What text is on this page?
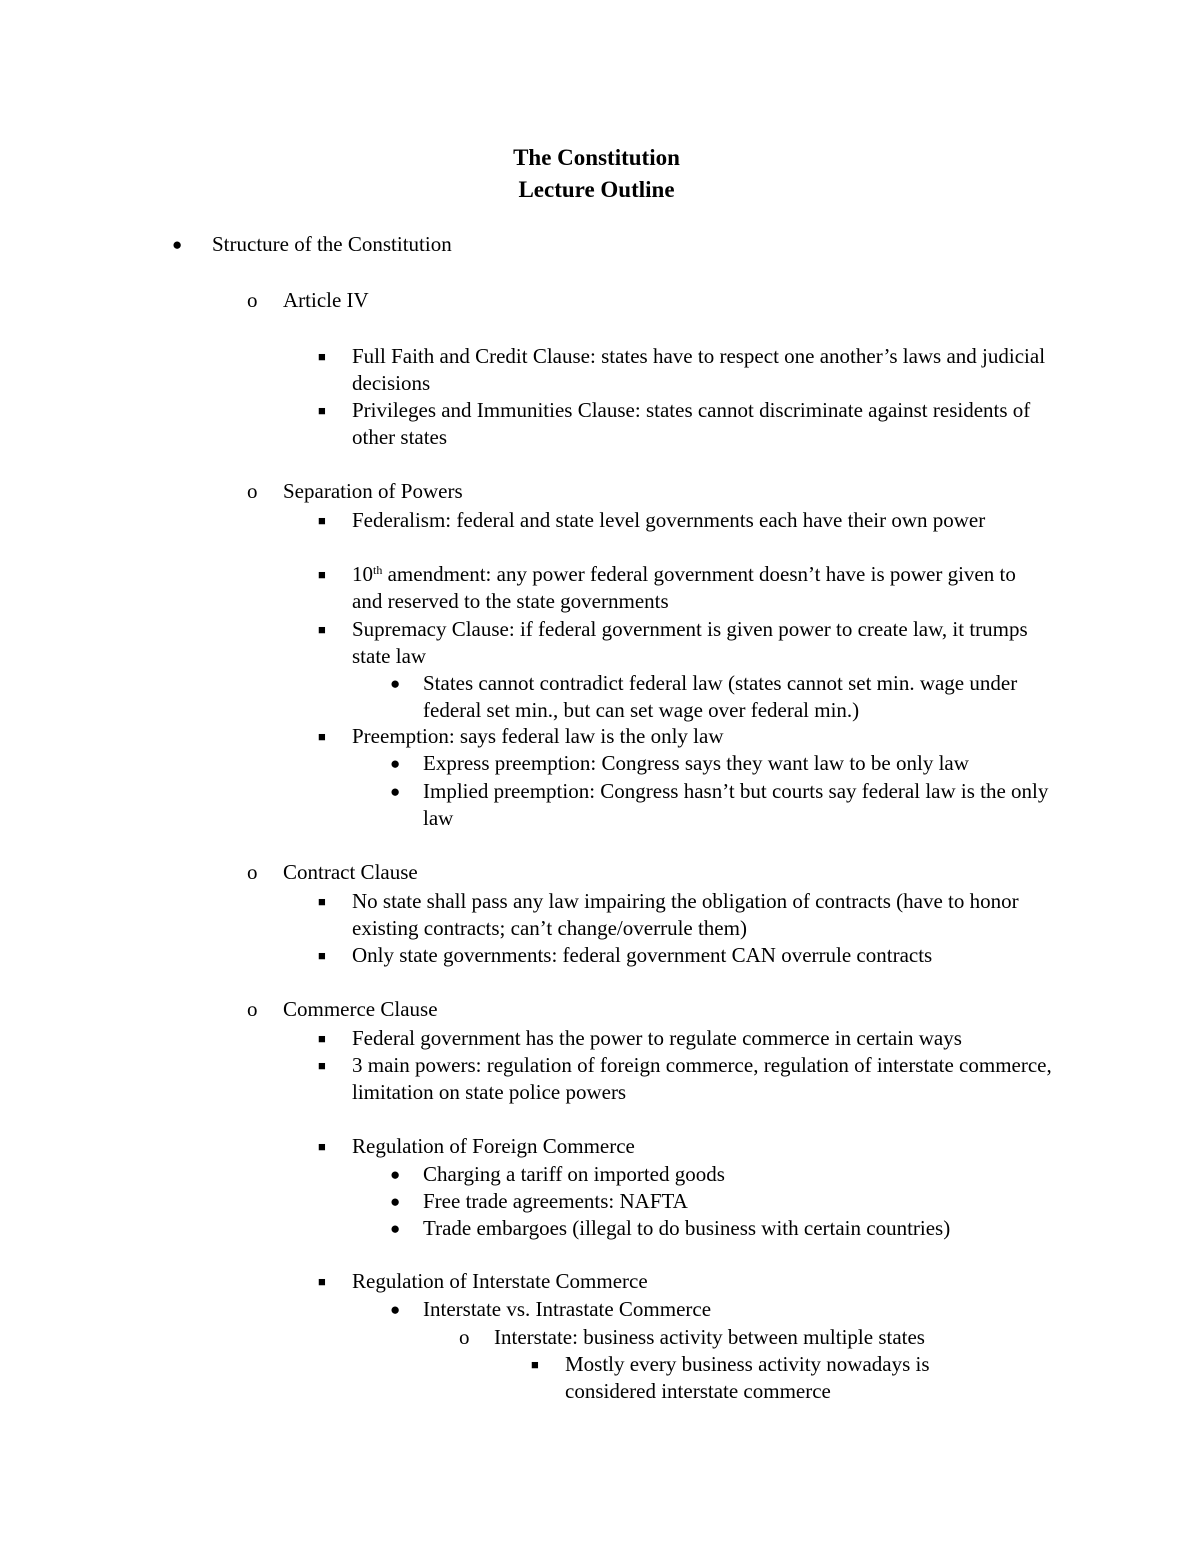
The Constitution
Lecture Outline
● Structure of the Constitution
o Article IV
■ Full Faith and Credit Clause: states have to respect one another’s laws and judicial decisions
■ Privileges and Immunities Clause: states cannot discriminate against residents of other states
o Separation of Powers
■ Federalism: federal and state level governments each have their own power
■ 10th amendment: any power federal government doesn’t have is power given to and reserved to the state governments
■ Supremacy Clause: if federal government is given power to create law, it trumps state law
● States cannot contradict federal law (states cannot set min. wage under federal set min., but can set wage over federal min.)
■ Preemption: says federal law is the only law
● Express preemption: Congress says they want law to be only law
● Implied preemption: Congress hasn’t but courts say federal law is the only law
o Contract Clause
■ No state shall pass any law impairing the obligation of contracts (have to honor existing contracts; can’t change/overrule them)
■ Only state governments: federal government CAN overrule contracts
o Commerce Clause
■ Federal government has the power to regulate commerce in certain ways
■ 3 main powers: regulation of foreign commerce, regulation of interstate commerce, limitation on state police powers
■ Regulation of Foreign Commerce
● Charging a tariff on imported goods
● Free trade agreements: NAFTA
● Trade embargoes (illegal to do business with certain countries)
■ Regulation of Interstate Commerce
● Interstate vs. Intrastate Commerce
o Interstate: business activity between multiple states
■ Mostly every business activity nowadays is considered interstate commerce
